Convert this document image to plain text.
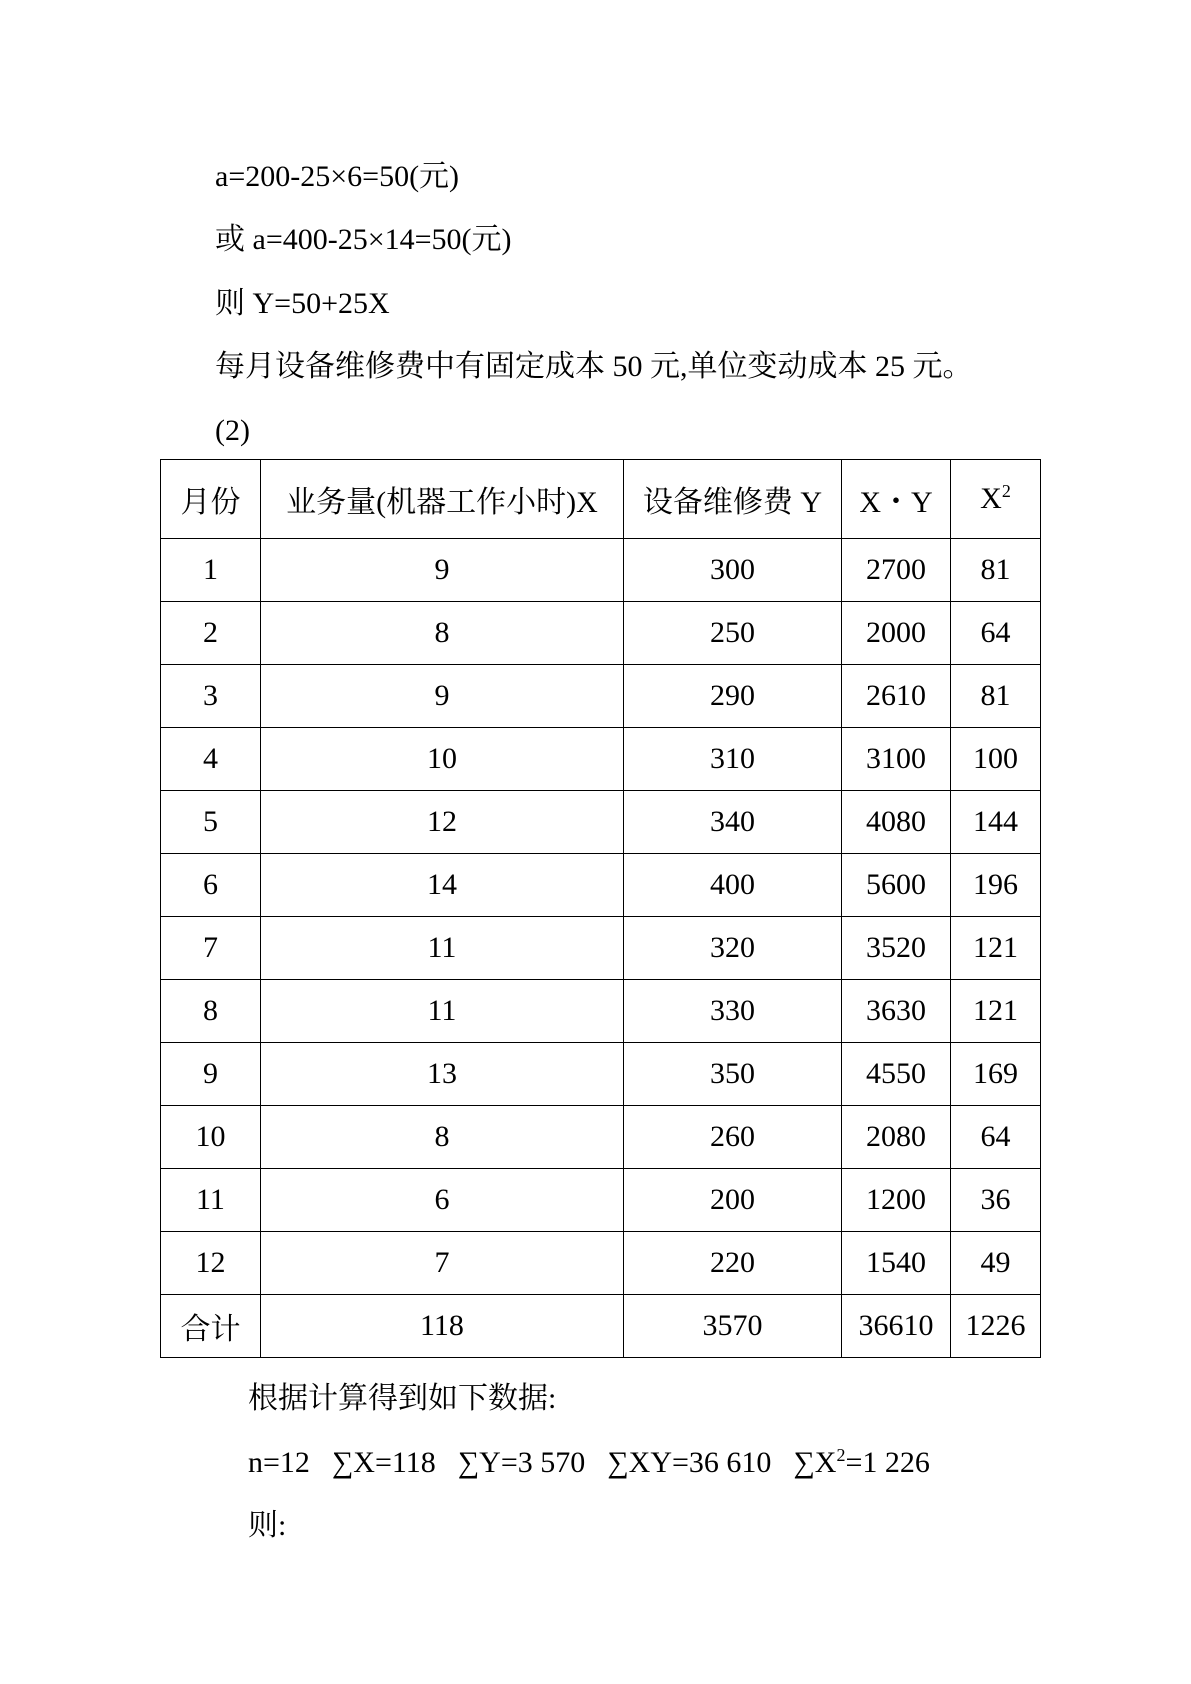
a=200-25×6=50(元)
或 a=400-25×14=50(元)
则 Y=50+25X
每月设备维修费中有固定成本 50 元,单位变动成本 25 元。
(2)
月份	业务量(机器工作小时)X	设备维修费 Y	X・Y	$X^2$
1	9	300	2700	81
2	8	250	2000	64
3	9	290	2610	81
4	10	310	3100	100
5	12	340	4080	144
6	14	400	5600	196
7	11	320	3520	121
8	11	330	3630	121
9	13	350	4550	169
10	8	260	2080	64
11	6	200	1200	36
12	7	220	1540	49
合计	118	3570	36610	1226
根据计算得到如下数据:
n=12 ∑X=118 ∑Y=3 570 ∑XY=36 610 $\sum X^2=1$ 226
则:
